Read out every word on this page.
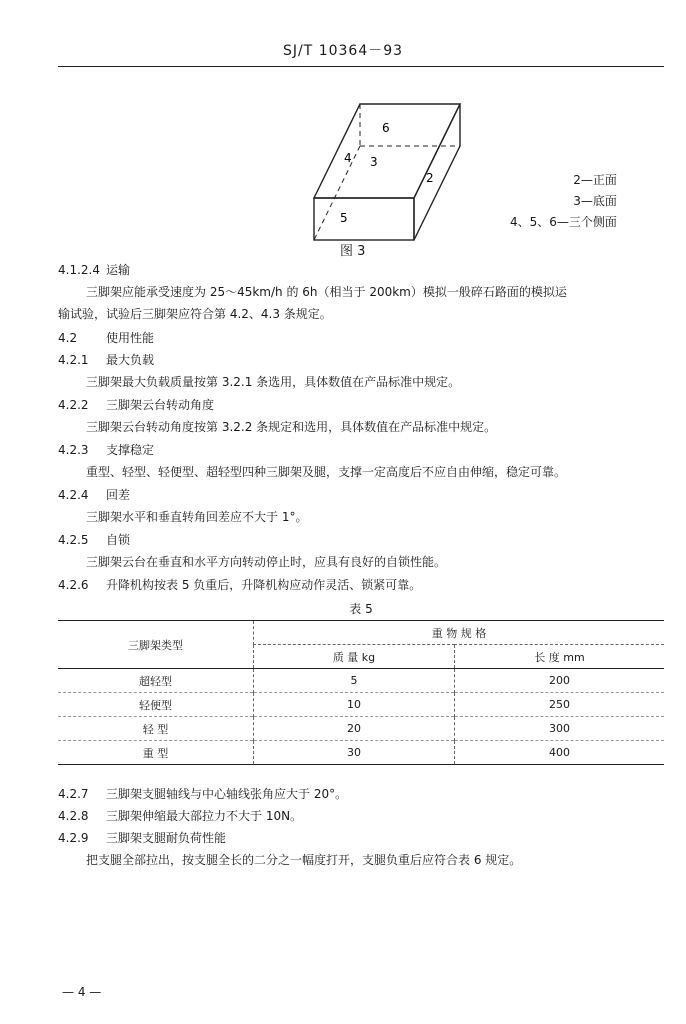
SJ/T 10364－93
6
4 3
2
5
图 3
2—正面
3—底面
4、5、6—三个侧面
4.1.2.4 运输
三脚架应能承受速度为 25～45km/h 的 6h（相当于 200km）模拟一般碎石路面的模拟运
输试验，试验后三脚架应符合第 4.2、4.3 条规定。
4.2 使用性能
4.2.1 最大负载
三脚架最大负载质量按第 3.2.1 条选用，具体数值在产品标准中规定。
4.2.2 三脚架云台转动角度
三脚架云台转动角度按第 3.2.2 条规定和选用，具体数值在产品标准中规定。
4.2.3 支撑稳定
重型、轻型、轻便型、超轻型四种三脚架及腿，支撑一定高度后不应自由伸缩，稳定可靠。
4.2.4 回差
三脚架水平和垂直转角回差应不大于 1°。
4.2.5 自锁
三脚架云台在垂直和水平方向转动停止时，应具有良好的自锁性能。
4.2.6 升降机构按表 5 负重后，升降机构应动作灵活、锁紧可靠。
表 5
三脚架类型	重 物 规 格	
	质 量 kg	长 度 mm
超轻型	5	200
轻便型	10	250
轻 型	20	300
重 型	30	400
4.2.7 三脚架支腿轴线与中心轴线张角应大于 20°。
4.2.8 三脚架伸缩最大部拉力不大于 10N。
4.2.9 三脚架支腿耐负荷性能
把支腿全部拉出，按支腿全长的二分之一幅度打开，支腿负重后应符合表 6 规定。
— 4 —
